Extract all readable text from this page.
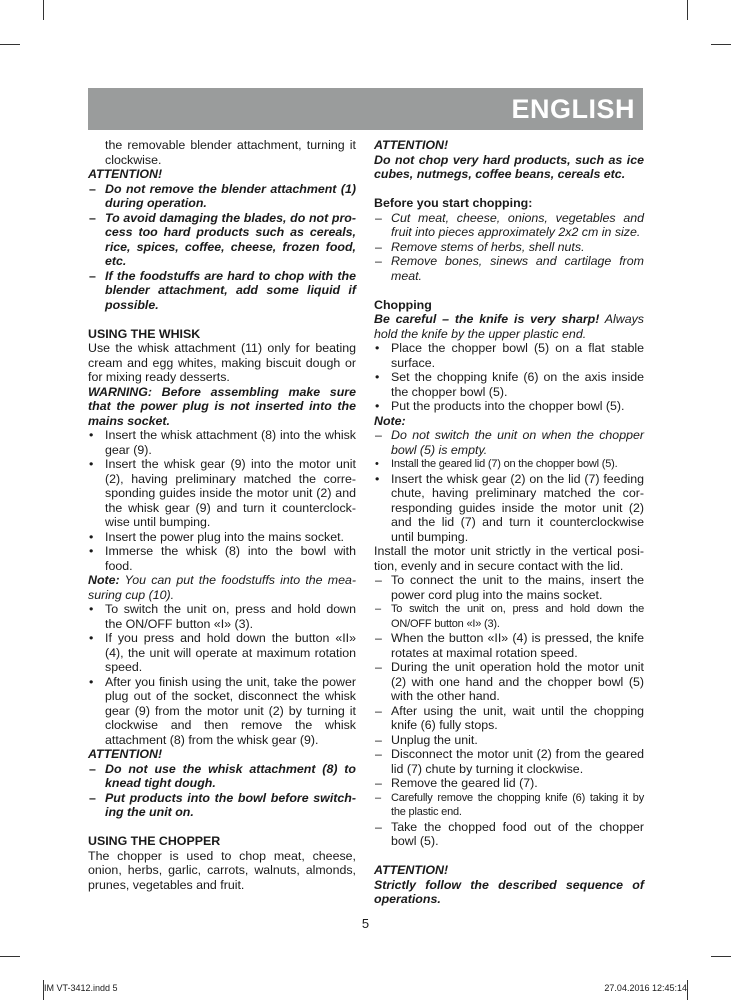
ENGLISH

the removable blender attachment, turning it clockwise.

ATTENTION!

– Do not remove the blender attachment (1) during operation.

– To avoid damaging the blades, do not process too hard products such as cereals, rice, spices, coffee, cheese, frozen food, etc.

– If the foodstuffs are hard to chop with the blender attachment, add some liquid if possible.

USING THE WHISK

Use the whisk attachment (11) only for beating cream and egg whites, making biscuit dough or for mixing ready desserts.

WARNING: Before assembling make sure that the power plug is not inserted into the mains socket.

• Insert the whisk attachment (8) into the whisk gear (9).

• Insert the whisk gear (9) into the motor unit (2), having preliminary matched the corresponding guides inside the motor unit (2) and the whisk gear (9) and turn it counterclockwise until bumping.

• Insert the power plug into the mains socket.

• Immerse the whisk (8) into the bowl with food.

Note: You can put the foodstuffs into the measuring cup (10).

• To switch the unit on, press and hold down the ON/OFF button «I» (3).

• If you press and hold down the button «II» (4), the unit will operate at maximum rotation speed.

• After you finish using the unit, take the power plug out of the socket, disconnect the whisk gear (9) from the motor unit (2) by turning it clockwise and then remove the whisk attachment (8) from the whisk gear (9).

ATTENTION!

– Do not use the whisk attachment (8) to knead tight dough.

– Put products into the bowl before switching the unit on.

USING THE CHOPPER

The chopper is used to chop meat, cheese, onion, herbs, garlic, carrots, walnuts, almonds, prunes, vegetables and fruit.

ATTENTION!

Do not chop very hard products, such as ice cubes, nutmegs, coffee beans, cereals etc.

Before you start chopping:

– Cut meat, cheese, onions, vegetables and fruit into pieces approximately 2x2 cm in size.

– Remove stems of herbs, shell nuts.

– Remove bones, sinews and cartilage from meat.

Chopping

Be careful – the knife is very sharp! Always hold the knife by the upper plastic end.

• Place the chopper bowl (5) on a flat stable surface.

• Set the chopping knife (6) on the axis inside the chopper bowl (5).

• Put the products into the chopper bowl (5).

Note:

– Do not switch the unit on when the chopper bowl (5) is empty.

• Install the geared lid (7) on the chopper bowl (5).

• Insert the whisk gear (2) on the lid (7) feeding chute, having preliminary matched the corresponding guides inside the motor unit (2) and the lid (7) and turn it counterclockwise until bumping.

Install the motor unit strictly in the vertical position, evenly and in secure contact with the lid.

– To connect the unit to the mains, insert the power cord plug into the mains socket.

– To switch the unit on, press and hold down the ON/OFF button «I» (3).

– When the button «II» (4) is pressed, the knife rotates at maximal rotation speed.

– During the unit operation hold the motor unit (2) with one hand and the chopper bowl (5) with the other hand.

– After using the unit, wait until the chopping knife (6) fully stops.

– Unplug the unit.

– Disconnect the motor unit (2) from the geared lid (7) chute by turning it clockwise.

– Remove the geared lid (7).

– Carefully remove the chopping knife (6) taking it by the plastic end.

– Take the chopped food out of the chopper bowl (5).

ATTENTION!

Strictly follow the described sequence of operations.

5
IM VT-3412.indd 5	27.04.2016 12:45:14
